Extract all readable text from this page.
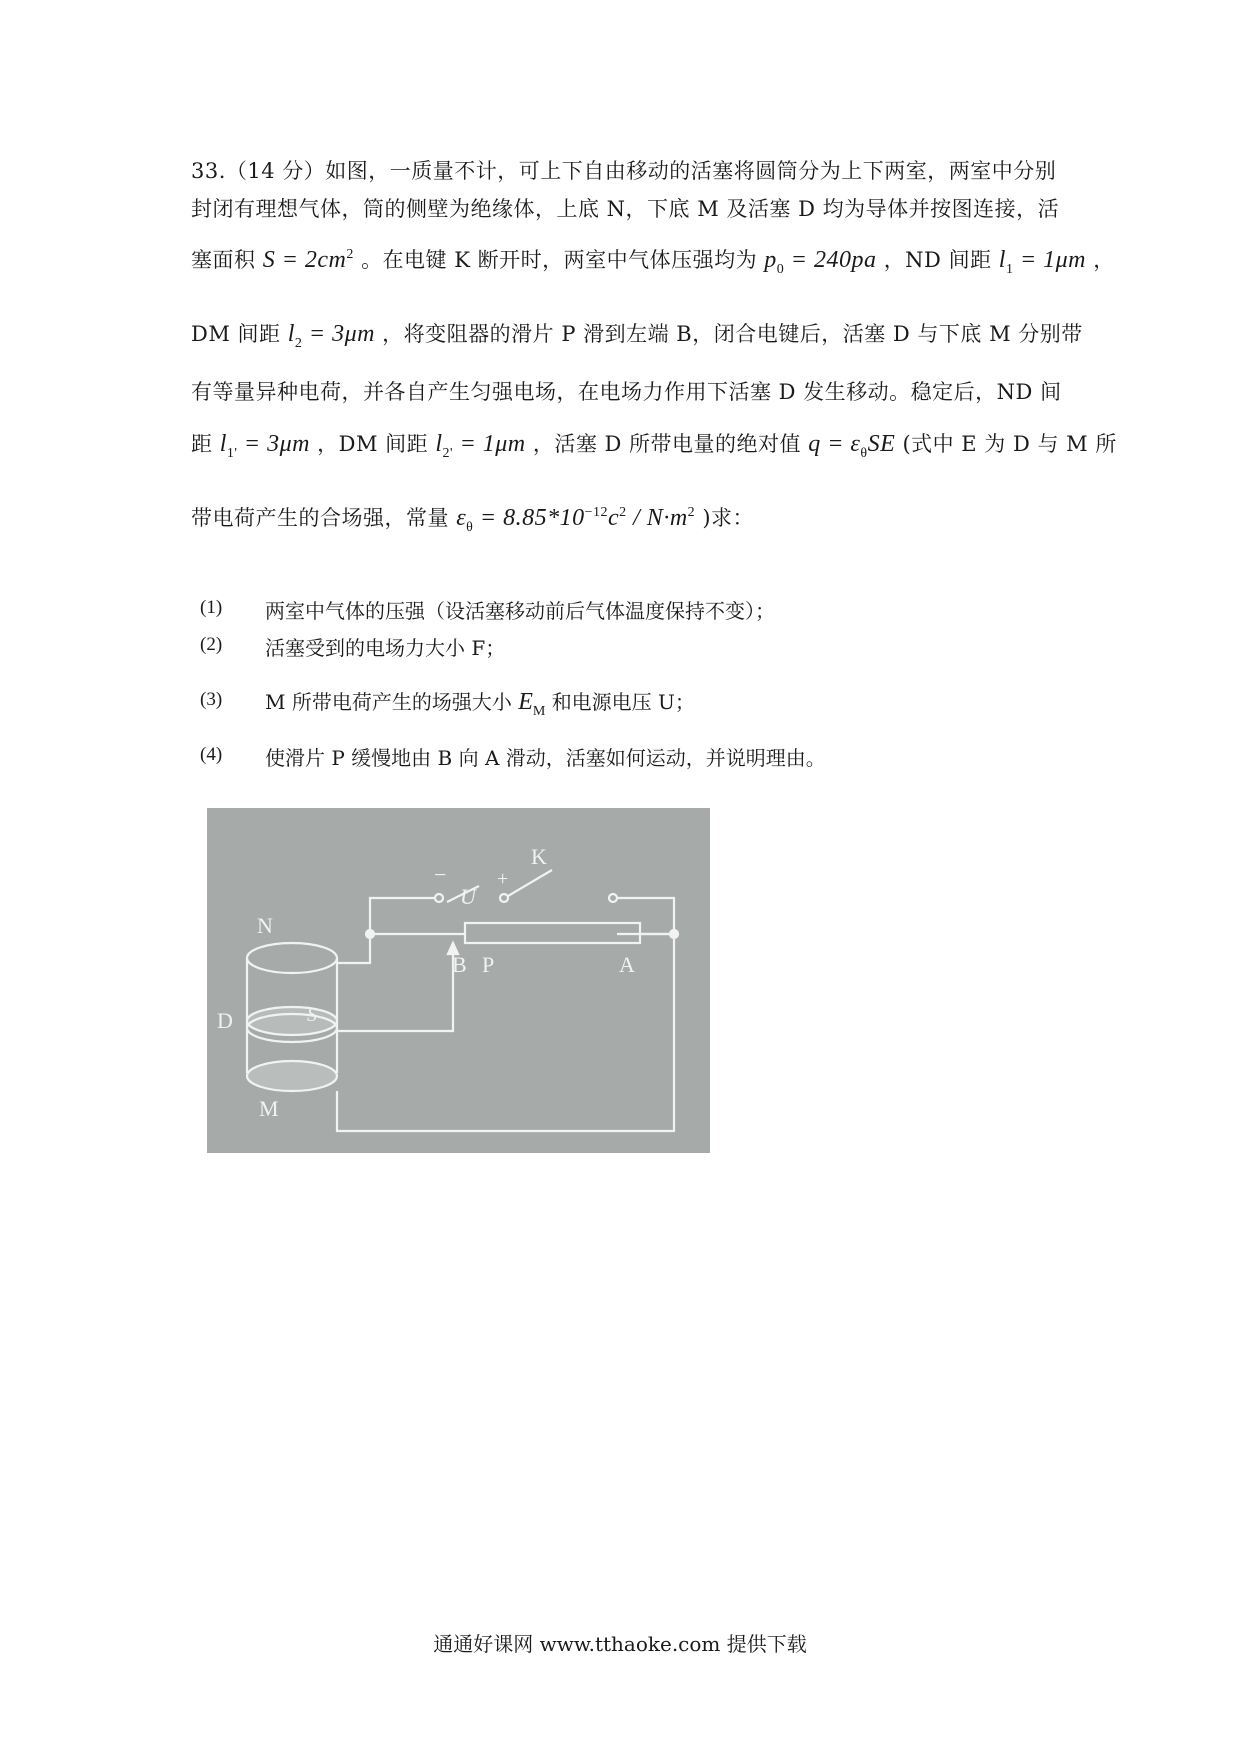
33.（14 分）如图，一质量不计，可上下自由移动的活塞将圆筒分为上下两室，两室中分别
封闭有理想气体，筒的侧壁为绝缘体，上底 N，下底 M 及活塞 D 均为导体并按图连接，活
塞面积 $S = 2cm^2$ 。在电键 K 断开时，两室中气体压强均为 $p_0 = 240pa$ ，ND 间距 $l_1 = 1\mu m$ ，
DM 间距 $l_2 = 3\mu m$ ，将变阻器的滑片 P 滑到左端 B，闭合电键后，活塞 D 与下底 M 分别带
有等量异种电荷，并各自产生匀强电场，在电场力作用下活塞 D 发生移动。稳定后，ND 间
距 $l_{1'} = 3\mu m$ ，DM 间距 $l_{2'} = 1\mu m$ ，活塞 D 所带电量的绝对值 $q = \varepsilon_\theta SE$ (式中 E 为 D 与 M 所
带电荷产生的合场强，常量 $\varepsilon_\theta = 8.85*10^{-12}c^2 / N\cdot m^2$ )求：
(1) 两室中气体的压强（设活塞移动前后气体温度保持不变）；
(2) 活塞受到的电场力大小 F；
(3) M 所带电荷产生的场强大小 $E_M$ 和电源电压 U；
(4) 使滑片 P 缓慢地由 B 向 A 滑动，活塞如何运动，并说明理由。
N
D
M
S
B P	A
U
K
−	+
通通好课网 www.tthaoke.com 提供下载
